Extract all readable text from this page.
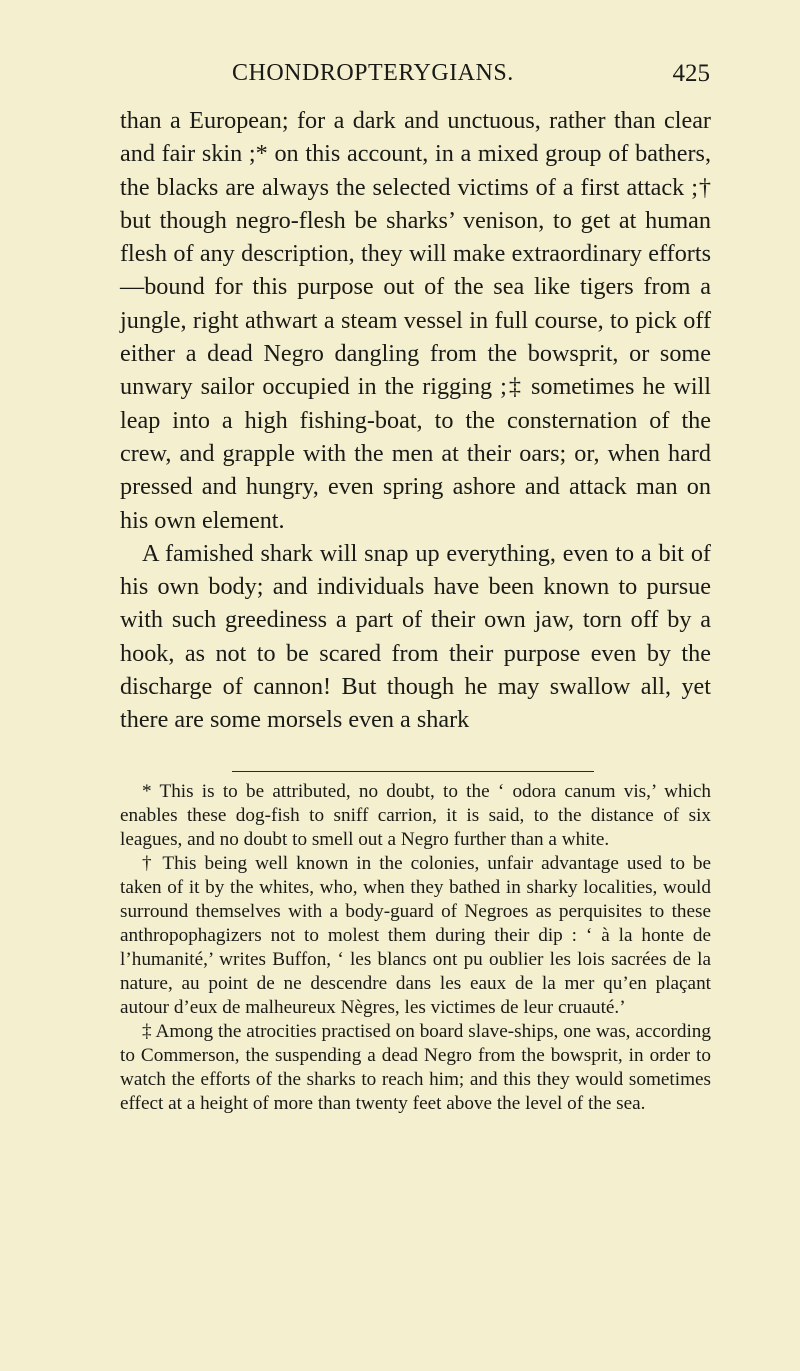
CHONDROPTERYGIANS.	425

than a European; for a dark and unctuous, rather than clear and fair skin ;* on this account, in a mixed group of bathers, the blacks are always the selected victims of a first attack ;† but though negro-flesh be sharks’ venison, to get at human flesh of any description, they will make extraordinary efforts—bound for this purpose out of the sea like tigers from a jungle, right athwart a steam vessel in full course, to pick off either a dead Negro dangling from the bowsprit, or some unwary sailor occupied in the rigging ;‡ sometimes he will leap into a high fishing-boat, to the consternation of the crew, and grapple with the men at their oars; or, when hard pressed and hungry, even spring ashore and attack man on his own element.

A famished shark will snap up everything, even to a bit of his own body; and individuals have been known to pursue with such greediness a part of their own jaw, torn off by a hook, as not to be scared from their purpose even by the discharge of cannon! But though he may swallow all, yet there are some morsels even a shark

* This is to be attributed, no doubt, to the ‘ odora canum vis,’ which enables these dog-fish to sniff carrion, it is said, to the distance of six leagues, and no doubt to smell out a Negro further than a white.

† This being well known in the colonies, unfair advantage used to be taken of it by the whites, who, when they bathed in sharky localities, would surround themselves with a body-guard of Negroes as perquisites to these anthropophagizers not to molest them during their dip : ‘ à la honte de l’humanité,’ writes Buffon, ‘ les blancs ont pu oublier les lois sacrées de la nature, au point de ne descendre dans les eaux de la mer qu’en plaçant autour d’eux de malheureux Nègres, les victimes de leur cruauté.’

‡ Among the atrocities practised on board slave-ships, one was, according to Commerson, the suspending a dead Negro from the bowsprit, in order to watch the efforts of the sharks to reach him; and this they would sometimes effect at a height of more than twenty feet above the level of the sea.
